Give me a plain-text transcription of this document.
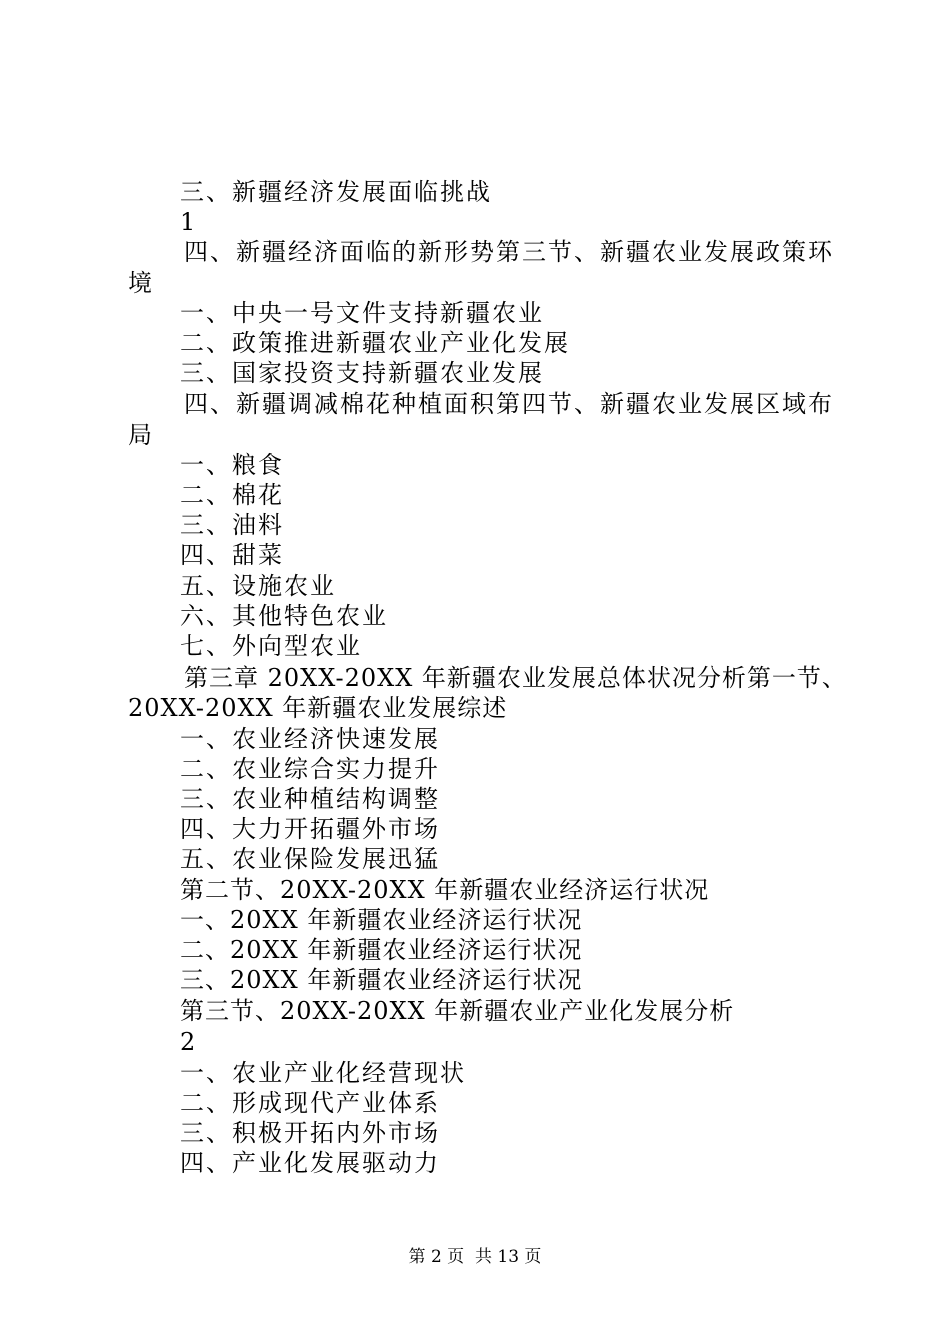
三、新疆经济发展面临挑战
1
四、新疆经济面临的新形势第三节、新疆农业发展政策环
境
一、中央一号文件支持新疆农业
二、政策推进新疆农业产业化发展
三、国家投资支持新疆农业发展
四、新疆调减棉花种植面积第四节、新疆农业发展区域布
局
一、粮食
二、棉花
三、油料
四、甜菜
五、设施农业
六、其他特色农业
七、外向型农业
第三章 20XX-20XX 年新疆农业发展总体状况分析第一节、
20XX-20XX 年新疆农业发展综述
一、农业经济快速发展
二、农业综合实力提升
三、农业种植结构调整
四、大力开拓疆外市场
五、农业保险发展迅猛
第二节、20XX-20XX 年新疆农业经济运行状况
一、20XX 年新疆农业经济运行状况
二、20XX 年新疆农业经济运行状况
三、20XX 年新疆农业经济运行状况
第三节、20XX-20XX 年新疆农业产业化发展分析
2
一、农业产业化经营现状
二、形成现代产业体系
三、积极开拓内外市场
四、产业化发展驱动力
第 2 页 共 13 页
